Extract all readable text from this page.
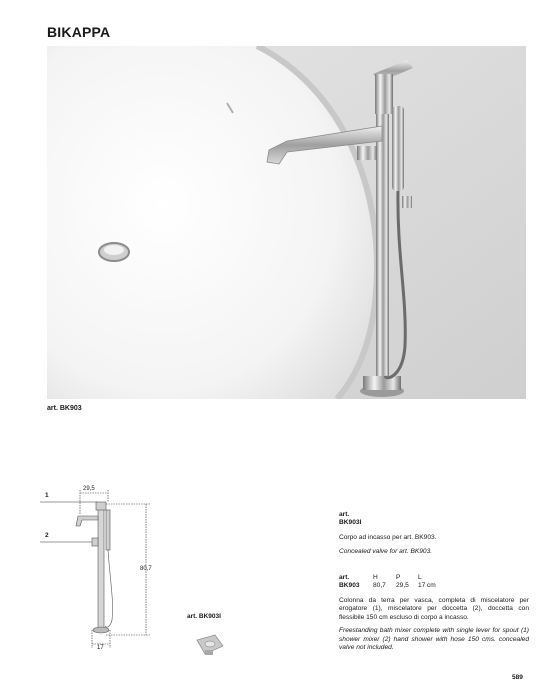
BIKAPPA
art. BK903
1
2
29,5
80,7
17
art. BK903I
art.
BK903I
Corpo ad incasso per art. BK903.
Concealed valve for art. BK903.
art.	H	P	L
BK903 80,7 29,5 17 cm
Colonna da terra per vasca, completa di miscelatore per erogatore (1), miscelatore per doccetta (2), doccetta con flessibile 150 cm escluso di corpo a incasso.
Freestanding bath mixer complete with single lever for spout (1) shower mixer (2) hand shower with hose 150 cms. concealed valve not included.
589
